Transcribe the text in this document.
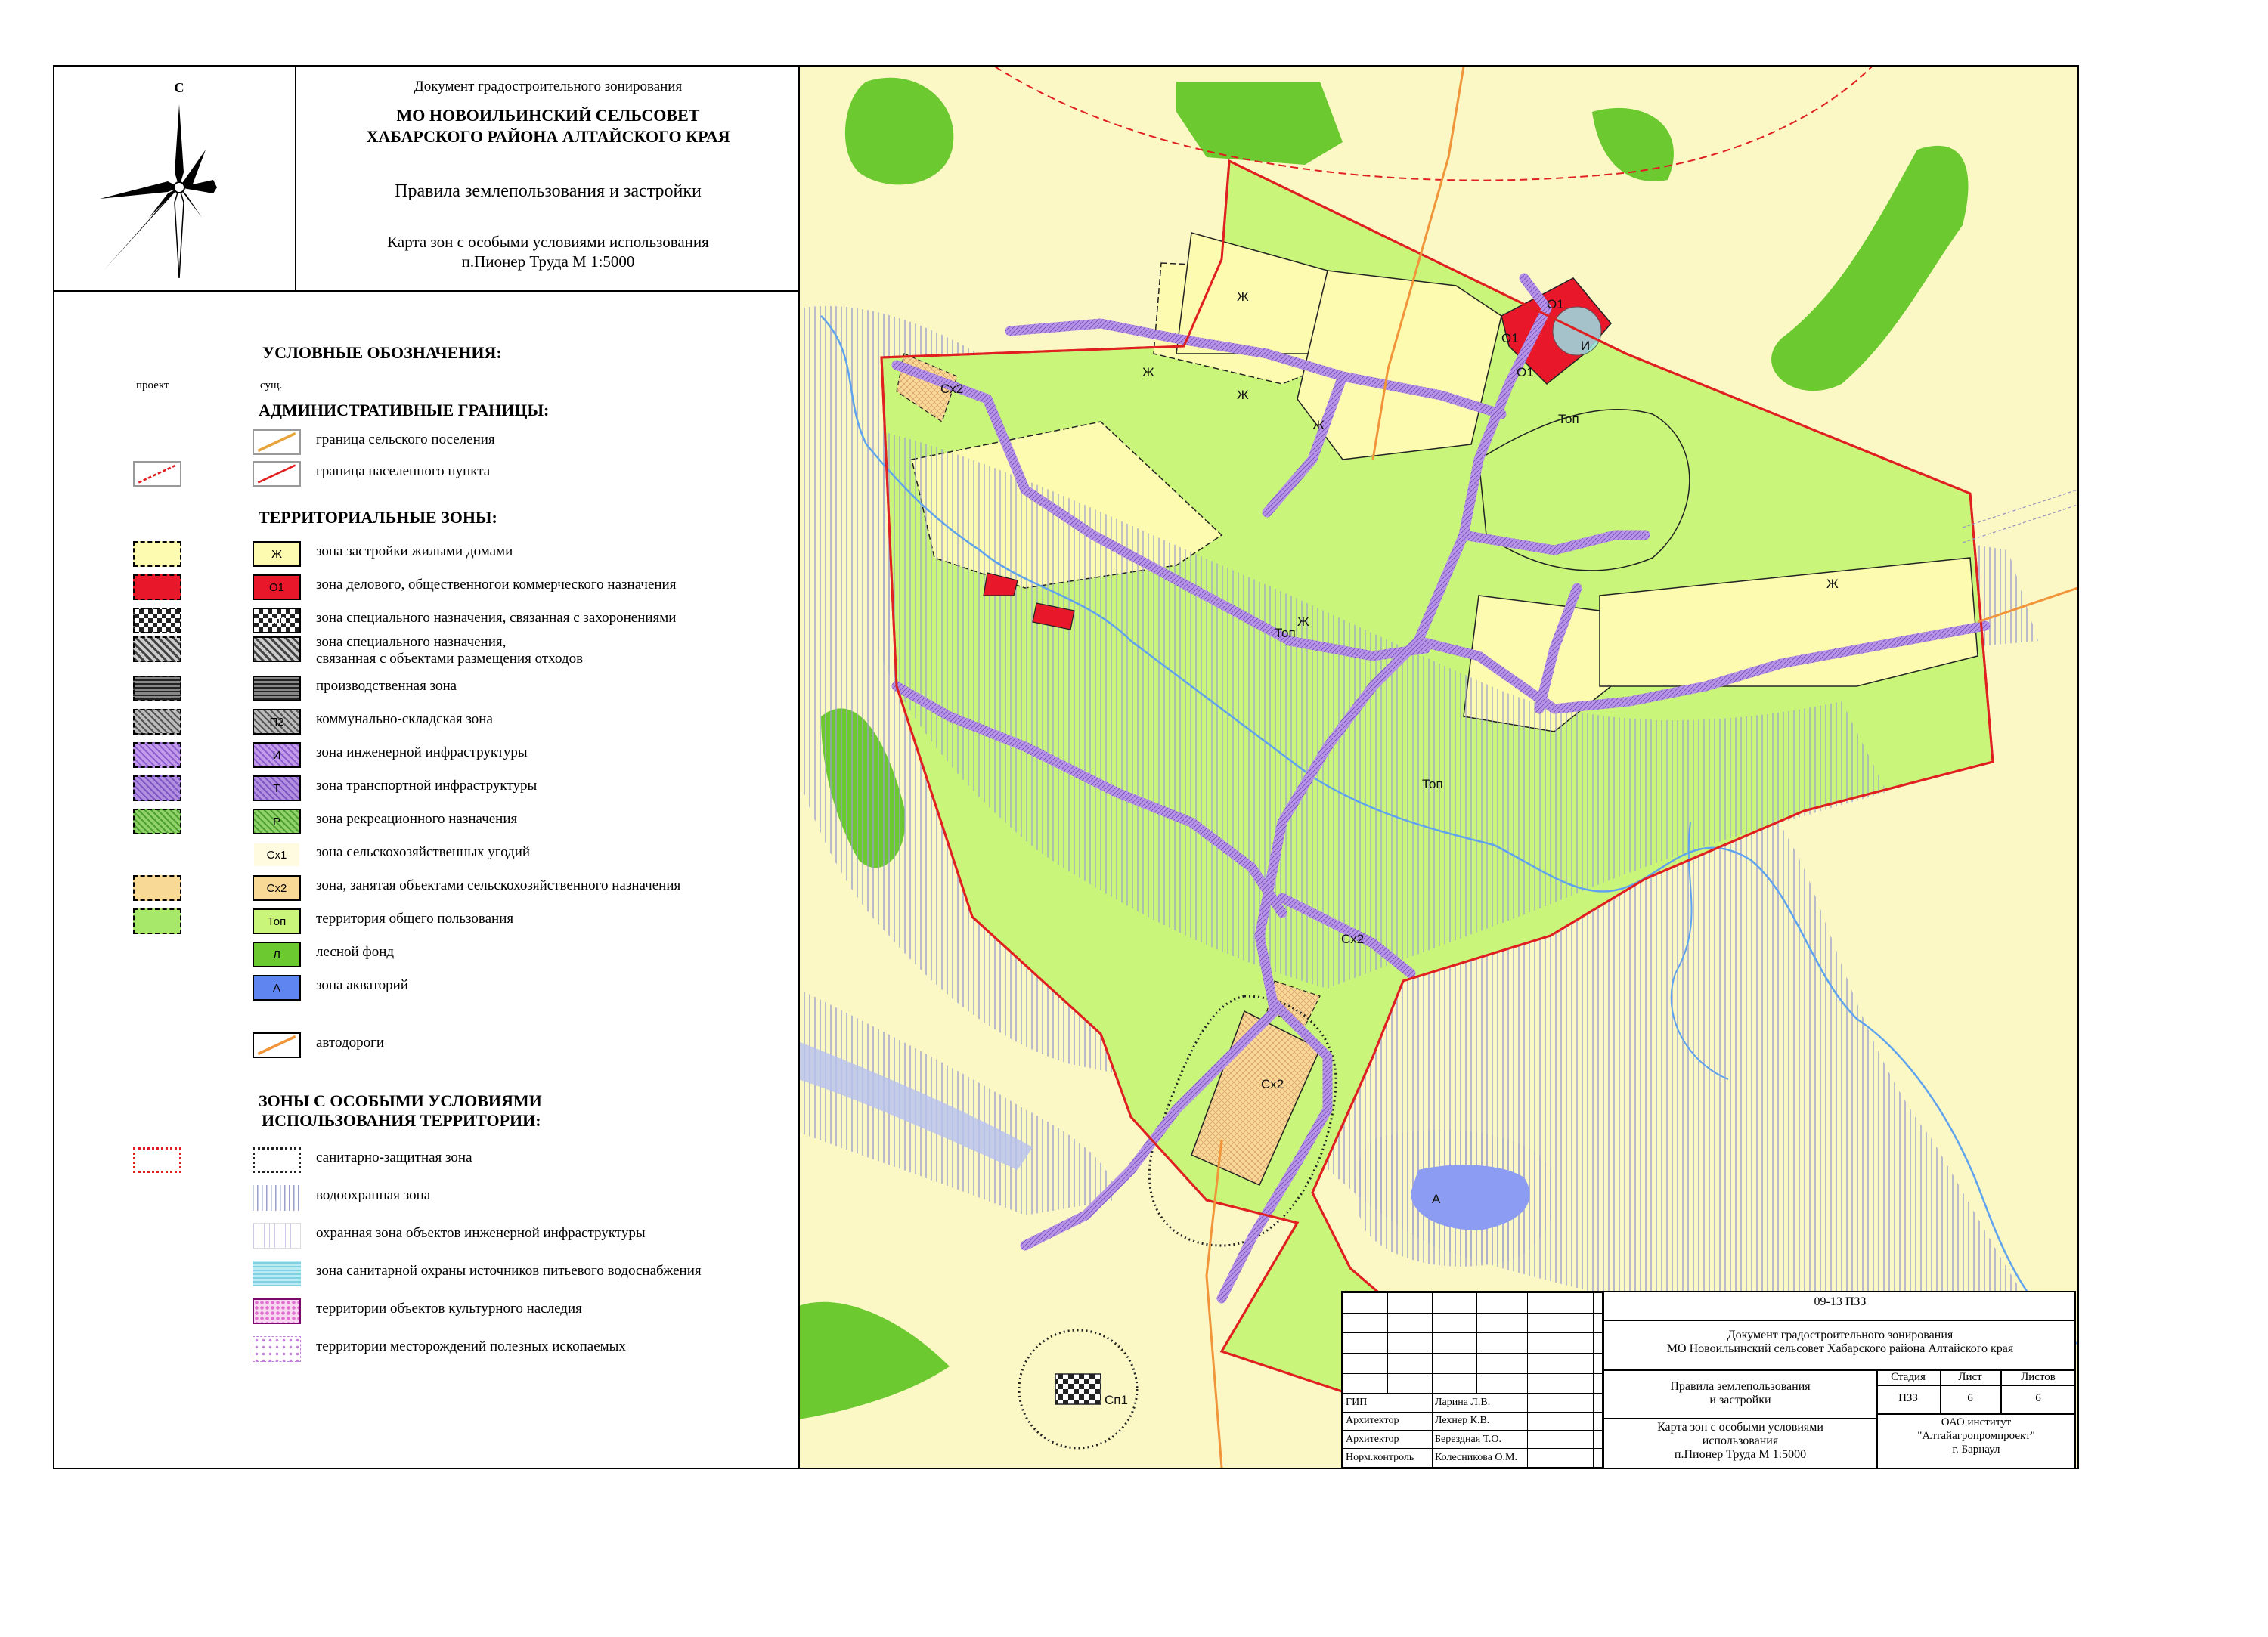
Ж
Ж
Ж
Ж
Ж
Ж
О1
О1
О1
И
Топ
Топ
Топ
Сх2
Сх2
Сх2
А
Сп1
С	Документ градостроительного зонирования
МО НОВОИЛЬИНСКИЙ СЕЛЬСОВЕТ
ХАБАРСКОГО РАЙОНА АЛТАЙСКОГО КРАЯ
Правила землепользования и застройки
Карта зон с особыми условиями использования
п.Пионер Труда М 1:5000
УСЛОВНЫЕ ОБОЗНАЧЕНИЯ:
проект	сущ.
АДМИНИСТРАТИВНЫЕ ГРАНИЦЫ:
граница сельского поселения
граница населенного пункта
ТЕРРИТОРИАЛЬНЫЕ ЗОНЫ:
Ж	зона застройки жилыми домами
О1	зона делового, общественногои коммерческого назначения
Сп1	зона специального назначения, связанная с захоронениями
зона специального назначения,
связанная с объектами размещения отходов
производственная зона
П2	коммунально-складская зона
И	зона инженерной инфраструктуры
Т	зона транспортной инфраструктуры
Р	зона рекреационного назначения
Сх1	зона сельскохозяйственных угодий
Сх2	зона, занятая объектами сельскохозяйственного назначения
Топ	территория общего пользования
Л	лесной фонд
А	зона акваторий
автодороги
ЗОНЫ С ОСОБЫМИ УСЛОВИЯМИ
ИСПОЛЬЗОВАНИЯ ТЕРРИТОРИИ:
санитарно-защитная зона
водоохранная зона
охранная зона объектов инженерной инфраструктуры
зона санитарной охраны источников питьевого водоснабжения
территории объектов культурного наследия
территории месторождений полезных ископаемых

ГИП		Ларина Л.В.			
Архитектор		Лехнер К.В.			
Архитектор		Берездная Т.О.			
Норм.контроль		Колесникова О.М.			
09-13 ПЗЗ
Документ градостроительного зонирования
МО Новоильинский сельсовет Хабарского района Алтайского края
Правила землепользования
и застройки
Карта зон с особыми условиями
использования
п.Пионер Труда М 1:5000
Стадия	Лист	Листов
ПЗЗ	6	6
ОАО институт
"Алтайагропромпроект"
г. Барнаул
